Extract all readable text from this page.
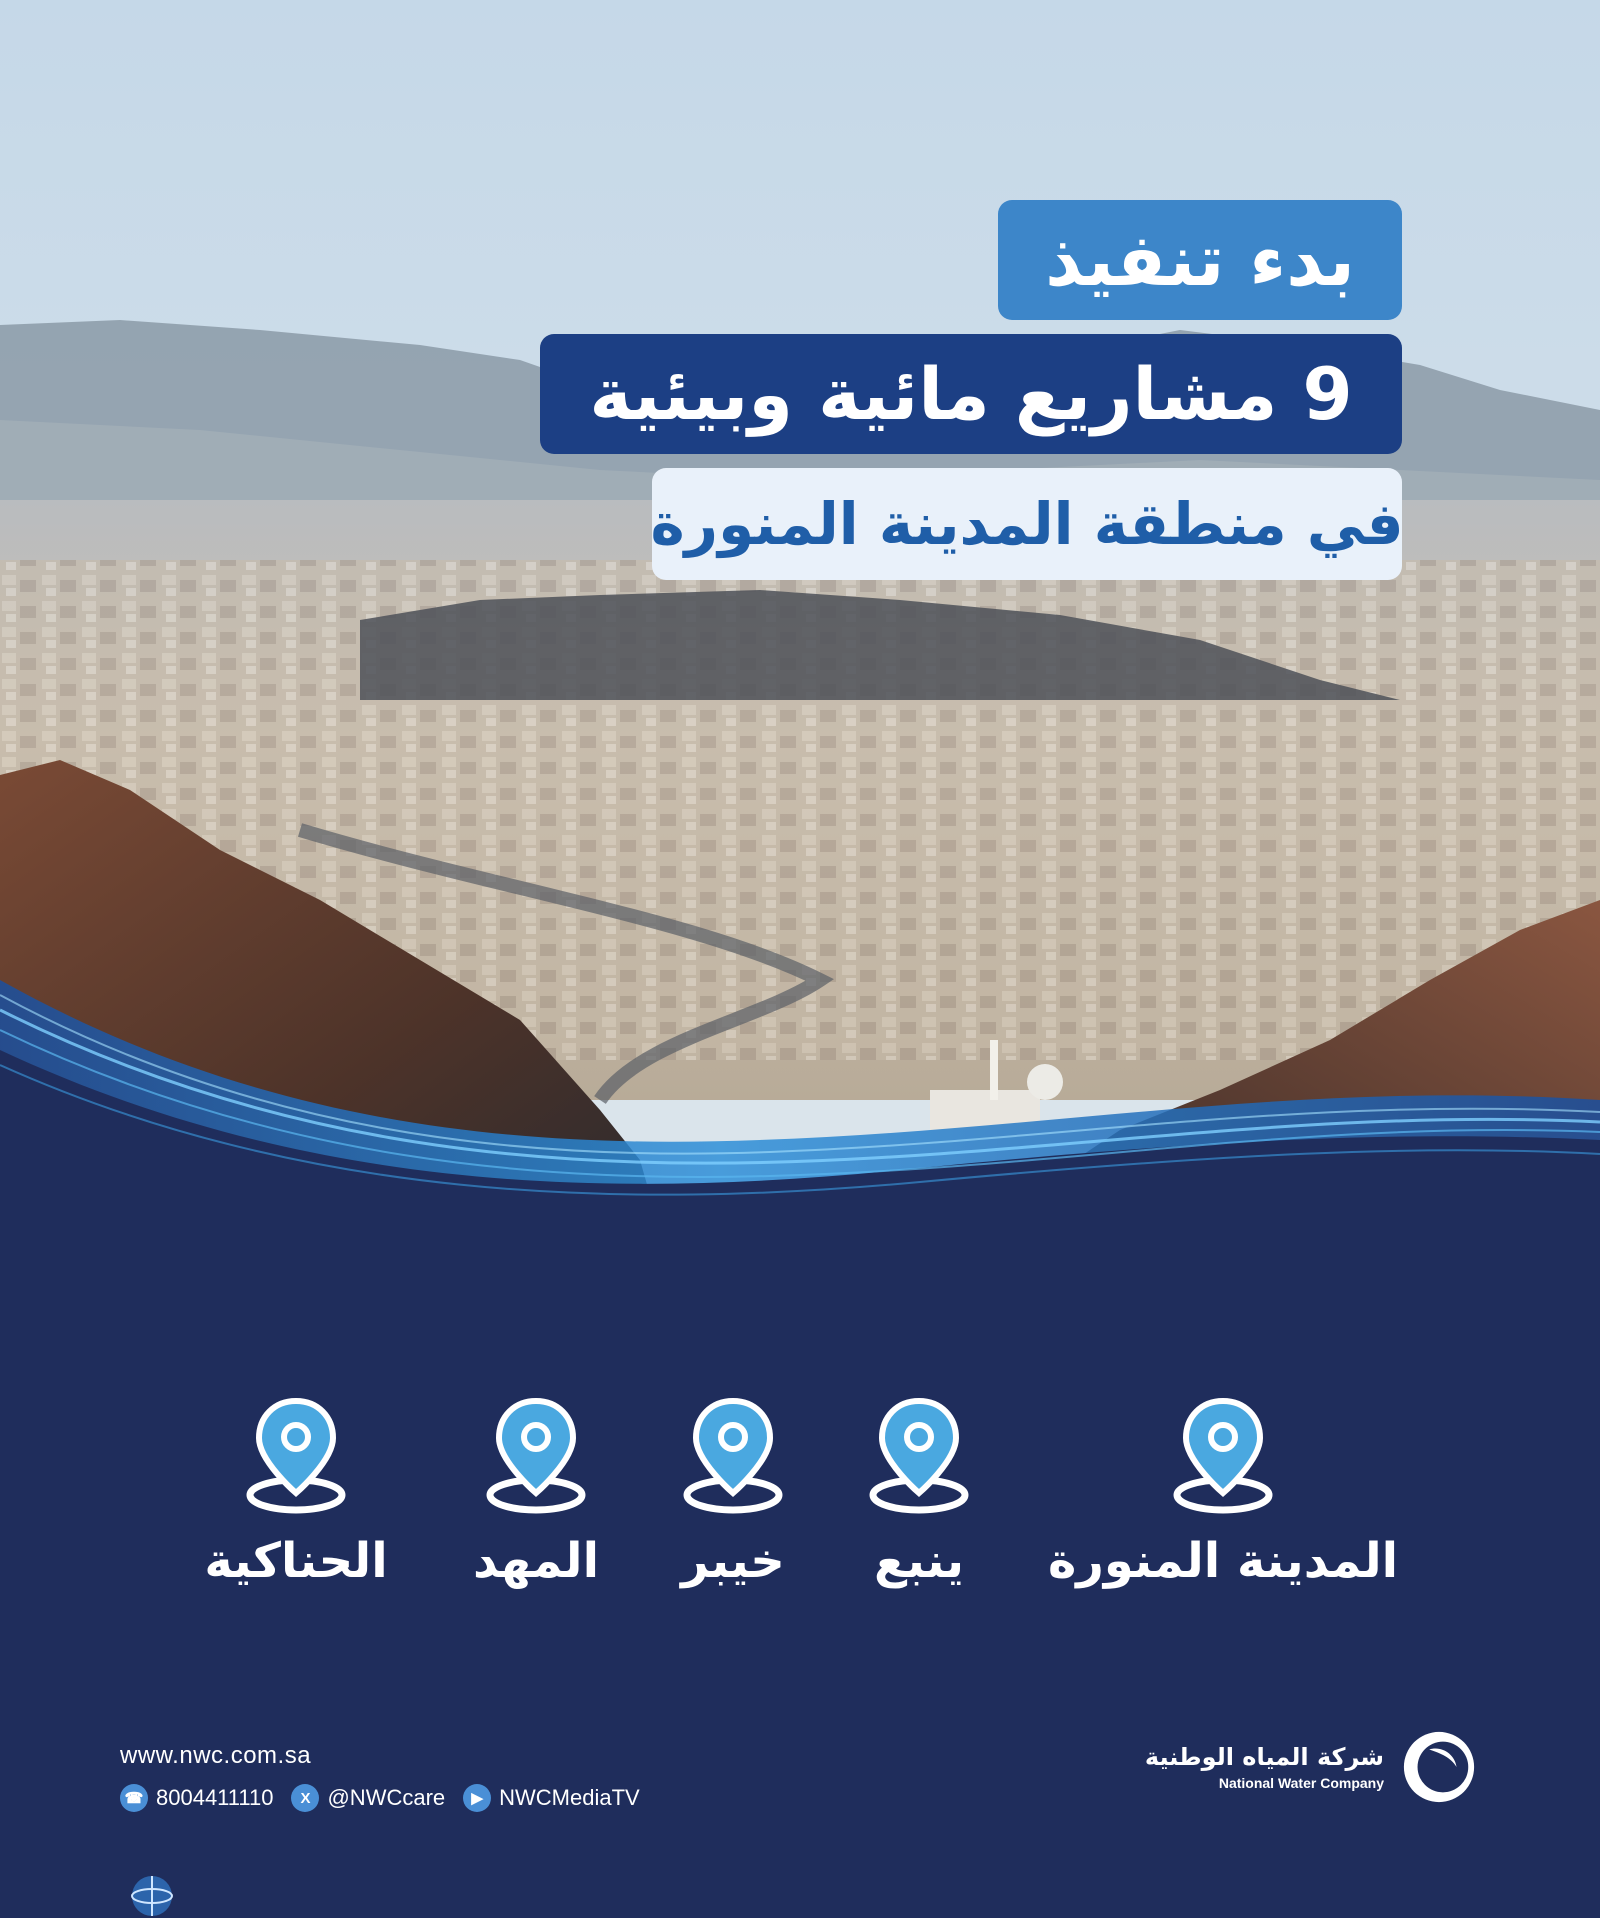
بدء تنفيذ
9 مشاريع مائية وبيئية
في منطقة المدينة المنورة
المدينة المنورة
ينبع
خيبر
المهد
الحناكية
www.nwc.com.sa
☎ 8004411110	X @NWCcare	▶ NWCMediaTV
شركة المياه الوطنية
National Water Company
